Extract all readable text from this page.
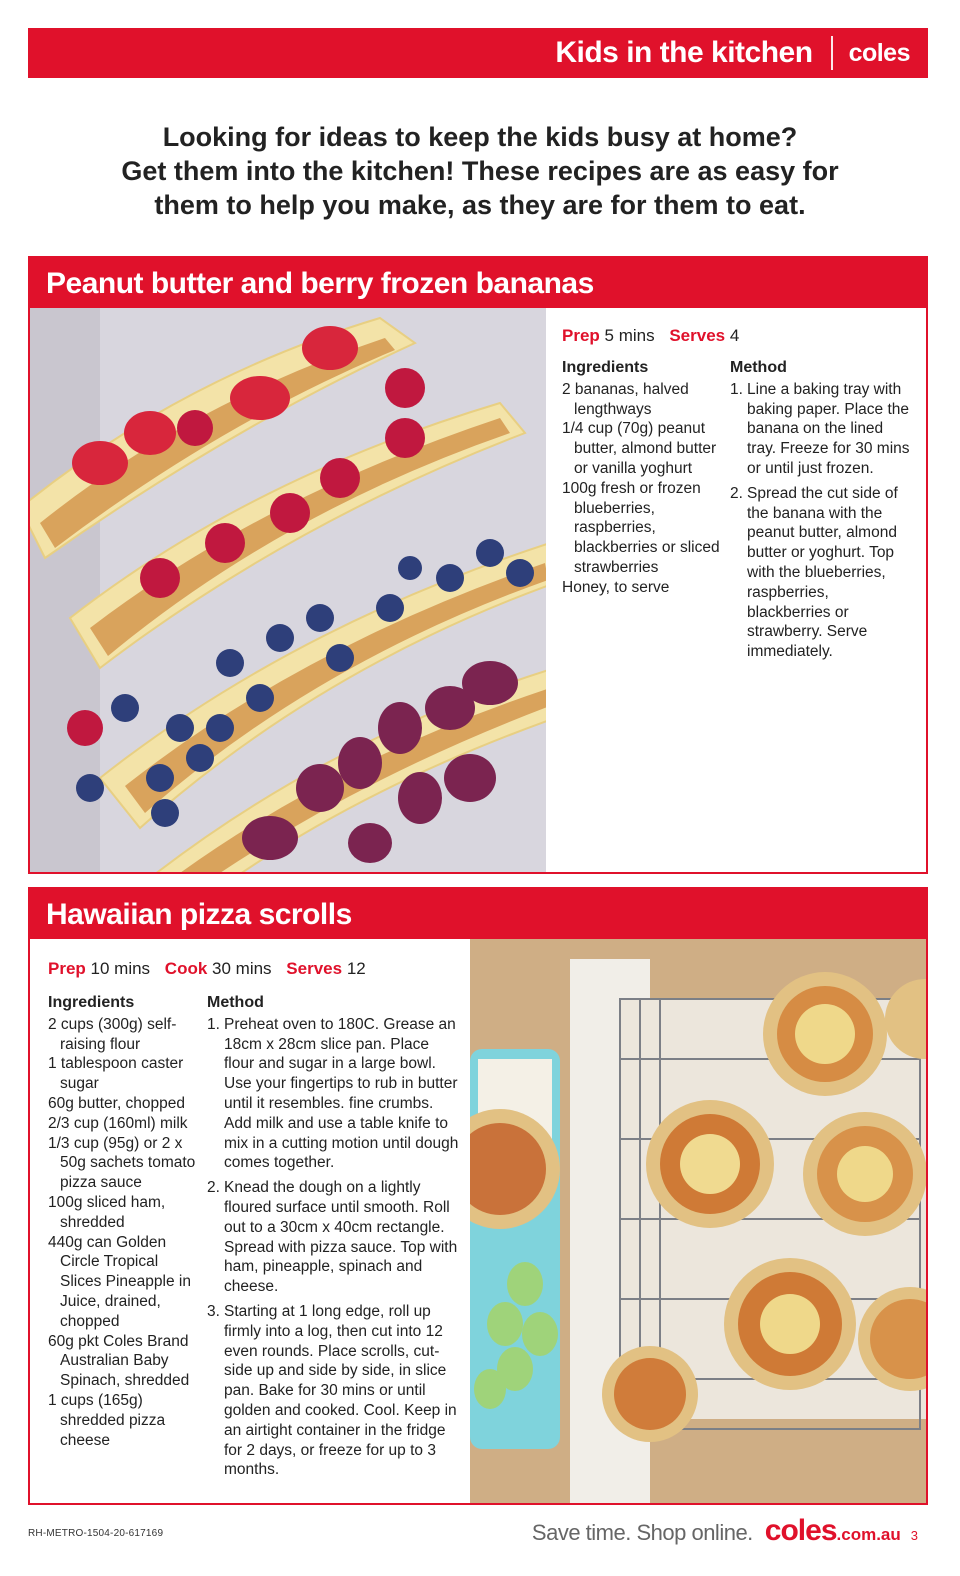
Kids in the kitchen coles
Looking for ideas to keep the kids busy at home?
Get them into the kitchen! These recipes are as easy for
them to help you make, as they are for them to eat.
Peanut butter and berry frozen bananas
Prep 5 mins Serves 4
Ingredients
2 bananas, halved lengthways
1/4 cup (70g) peanut butter, almond butter or vanilla yoghurt
100g fresh or frozen blueberries, raspberries, blackberries or sliced strawberries
Honey, to serve
Method
1. Line a baking tray with baking paper. Place the banana on the lined tray. Freeze for 30 mins or until just frozen.
2. Spread the cut side of the banana with the peanut butter, almond butter or yoghurt. Top with the blueberries, raspberries, blackberries or strawberry. Serve immediately.
Hawaiian pizza scrolls
Prep 10 mins Cook 30 mins Serves 12
Ingredients
2 cups (300g) self-raising flour
1 tablespoon caster sugar
60g butter, chopped
2/3 cup (160ml) milk
1/3 cup (95g) or 2 x 50g sachets tomato pizza sauce
100g sliced ham, shredded
440g can Golden Circle Tropical Slices Pineapple in Juice, drained, chopped
60g pkt Coles Brand Australian Baby Spinach, shredded
1 cups (165g) shredded pizza cheese
Method
1. Preheat oven to 180C. Grease an 18cm x 28cm slice pan. Place flour and sugar in a large bowl. Use your fingertips to rub in butter until it resembles. fine crumbs. Add milk and use a table knife to mix in a cutting motion until dough comes together.
2. Knead the dough on a lightly floured surface until smooth. Roll out to a 30cm x 40cm rectangle. Spread with pizza sauce. Top with ham, pineapple, spinach and cheese.
3. Starting at 1 long edge, roll up firmly into a log, then cut into 12 even rounds. Place scrolls, cut-side up and side by side, in slice pan. Bake for 30 mins or until golden and cooked. Cool. Keep in an airtight container in the fridge for 2 days, or freeze for up to 3 months.
RH-METRO-1504-20-617169	Save time. Shop online. coles .com.au 3
